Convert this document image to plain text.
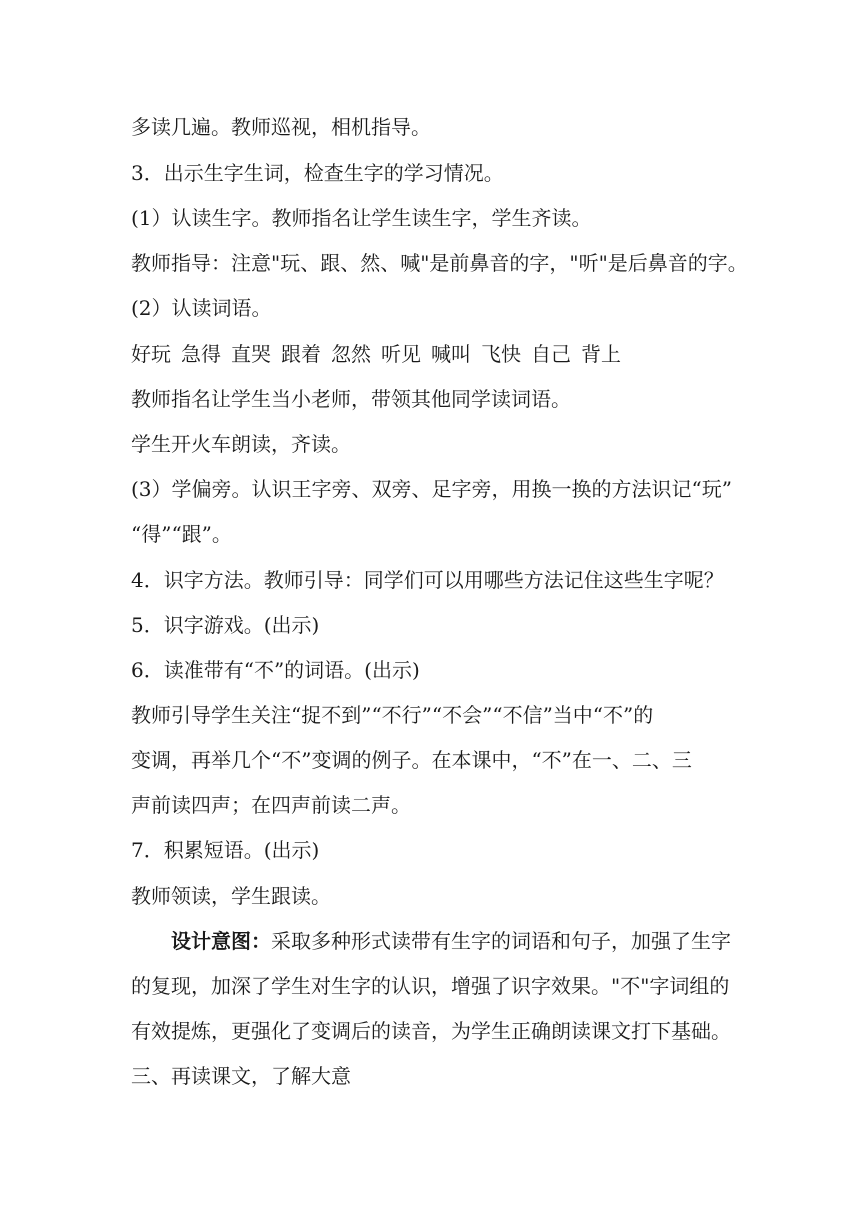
多读几遍。教师巡视，相机指导。
3．出示生字生词，检查生字的学习情况。
(1）认读生字。教师指名让学生读生字，学生齐读。
教师指导：注意"玩、跟、然、喊"是前鼻音的字，"听"是后鼻音的字。
(2）认读词语。
好玩 急得 直哭 跟着 忽然 听见 喊叫 飞快 自己 背上
教师指名让学生当小老师，带领其他同学读词语。
学生开火车朗读，齐读。
(3）学偏旁。认识王字旁、双旁、足字旁，用换一换的方法识记“玩”
“得”“跟”。
4．识字方法。教师引导：同学们可以用哪些方法记住这些生字呢？
5．识字游戏。(出示)
6．读准带有“不”的词语。(出示)
教师引导学生关注“捉不到”“不行”“不会”“不信”当中“不”的
变调，再举几个“不”变调的例子。在本课中，“不”在一、二、三
声前读四声；在四声前读二声。
7．积累短语。(出示)
教师领读，学生跟读。
设计意图：采取多种形式读带有生字的词语和句子，加强了生字
的复现，加深了学生对生字的认识，增强了识字效果。"不"字词组的
有效提炼，更强化了变调后的读音，为学生正确朗读课文打下基础。
三、再读课文，了解大意
